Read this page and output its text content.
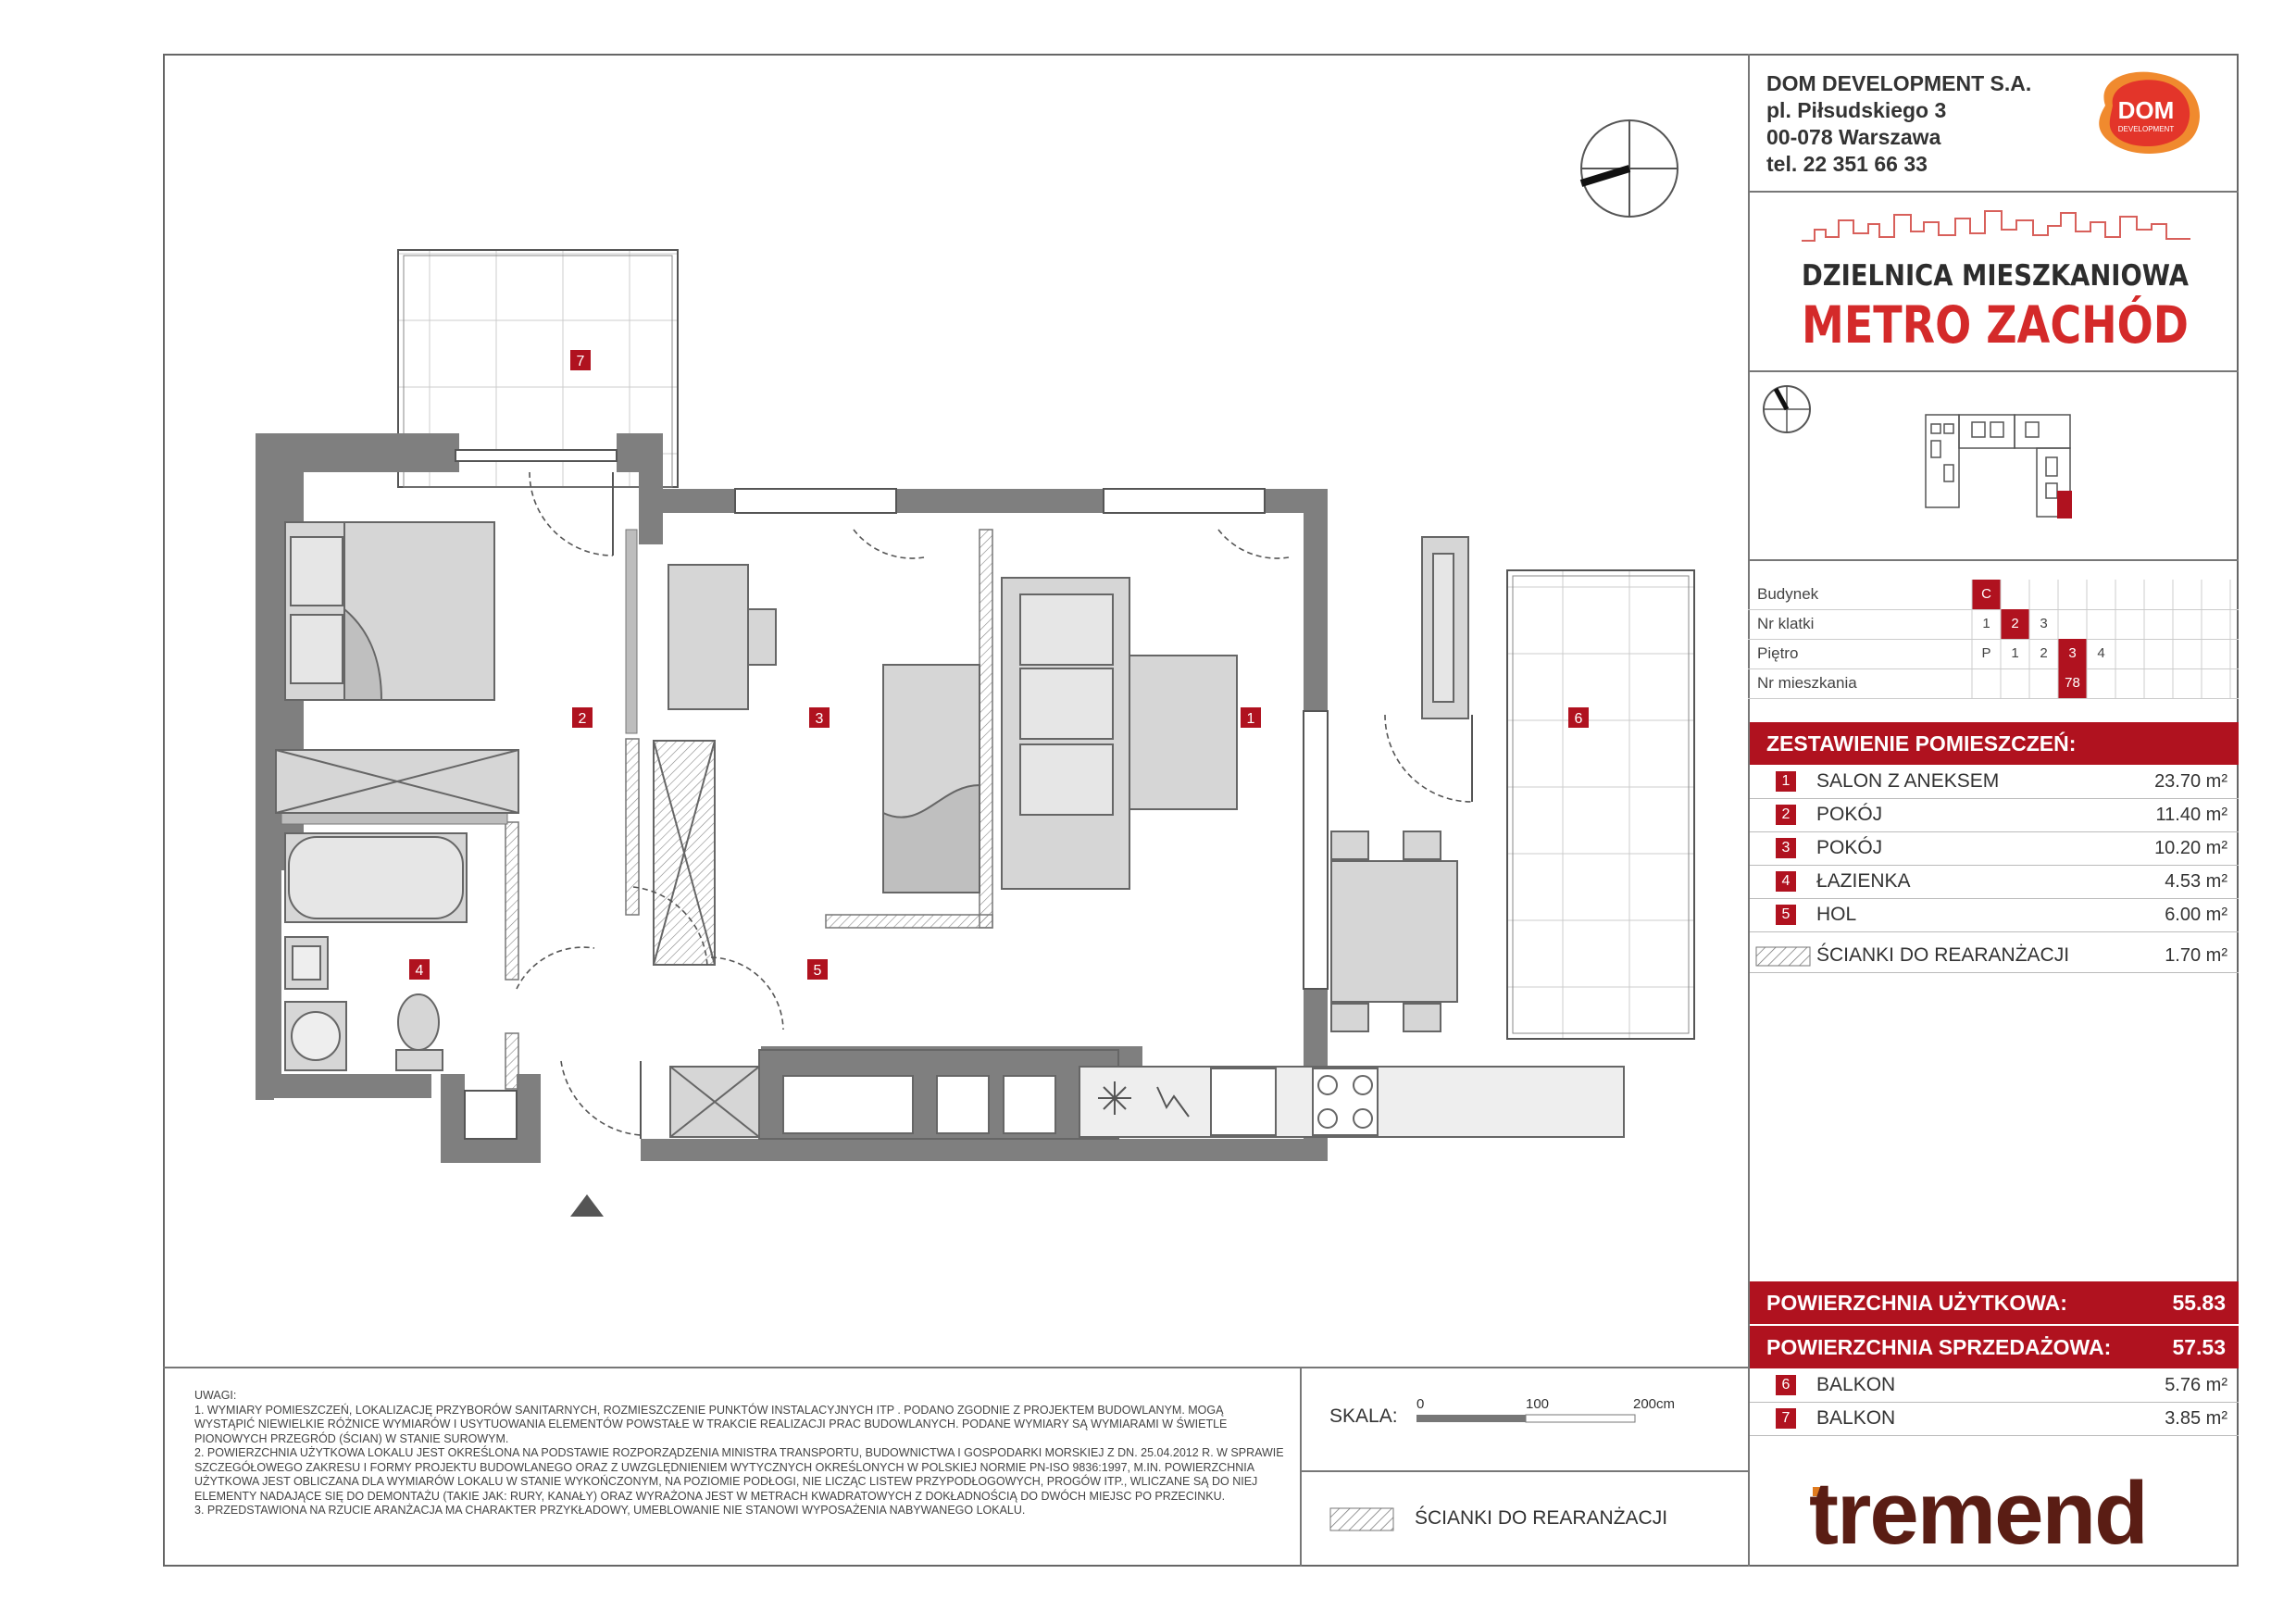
DOM DEVELOPMENT S.A.
pl. Piłsudskiego 3
00-078 Warszawa
tel. 22 351 66 33
DOM
DEVELOPMENT
DZIELNICA MIESZKANIOWA
METRO ZACHÓD
Budynek	C
Nr klatki	1	2	3
Piętro	P	1	2	3	4
Nr mieszkania	78
ZESTAWIENIE POMIESZCZEŃ:
1	SALON Z ANEKSEM	23.70 m²
2	POKÓJ	11.40 m²
3	POKÓJ	10.20 m²
4	ŁAZIENKA	4.53 m²
5	HOL	6.00 m²
ŚCIANKI DO REARANŻACJI	1.70 m²
POWIERZCHNIA UŻYTKOWA:	55.83
POWIERZCHNIA SPRZEDAŻOWA:	57.53
6	BALKON	5.76 m²
7	BALKON	3.85 m²
UWAGI:
1. WYMIARY POMIESZCZEŃ, LOKALIZACJĘ PRZYBORÓW SANITARNYCH, ROZMIESZCZENIE PUNKTÓW INSTALACYJNYCH ITP . PODANO ZGODNIE Z PROJEKTEM BUDOWLANYM. MOGĄ WYSTĄPIĆ NIEWIELKIE RÓŻNICE WYMIARÓW I USYTUOWANIA ELEMENTÓW POWSTAŁE W TRAKCIE REALIZACJI PRAC BUDOWLANYCH. PODANE WYMIARY SĄ WYMIARAMI W ŚWIETLE PIONOWYCH PRZEGRÓD (ŚCIAN) W STANIE SUROWYM.
2. POWIERZCHNIA UŻYTKOWA LOKALU JEST OKREŚLONA NA PODSTAWIE ROZPORZĄDZENIA MINISTRA TRANSPORTU, BUDOWNICTWA I GOSPODARKI MORSKIEJ Z DN. 25.04.2012 R. W SPRAWIE SZCZEGÓŁOWEGO ZAKRESU I FORMY PROJEKTU BUDOWLANEGO ORAZ Z UWZGLĘDNIENIEM WYTYCZNYCH OKREŚLONYCH W POLSKIEJ NORMIE PN-ISO 9836:1997, M.IN. POWIERZCHNIA UŻYTKOWA JEST OBLICZANA DLA WYMIARÓW LOKALU W STANIE WYKOŃCZONYM, NA POZIOMIE PODŁOGI, NIE LICZĄC LISTEW PRZYPODŁOGOWYCH, PROGÓW ITP., WLICZANE SĄ DO NIEJ ELEMENTY NADAJĄCE SIĘ DO DEMONTAŻU (TAKIE JAK: RURY, KANAŁY) ORAZ WYRAŻONA JEST W METRACH KWADRATOWYCH Z DOKŁADNOŚCIĄ DO DWÓCH MIEJSC PO PRZECINKU.
3. PRZEDSTAWIONA NA RZUCIE ARANŻACJA MA CHARAKTER PRZYKŁADOWY, UMEBLOWANIE NIE STANOWI WYPOSAŻENIA NABYWANEGO LOKALU.
SKALA:
0	100	200cm
ŚCIANKI DO REARANŻACJI tremend
7
2	3	1	6
4	5
